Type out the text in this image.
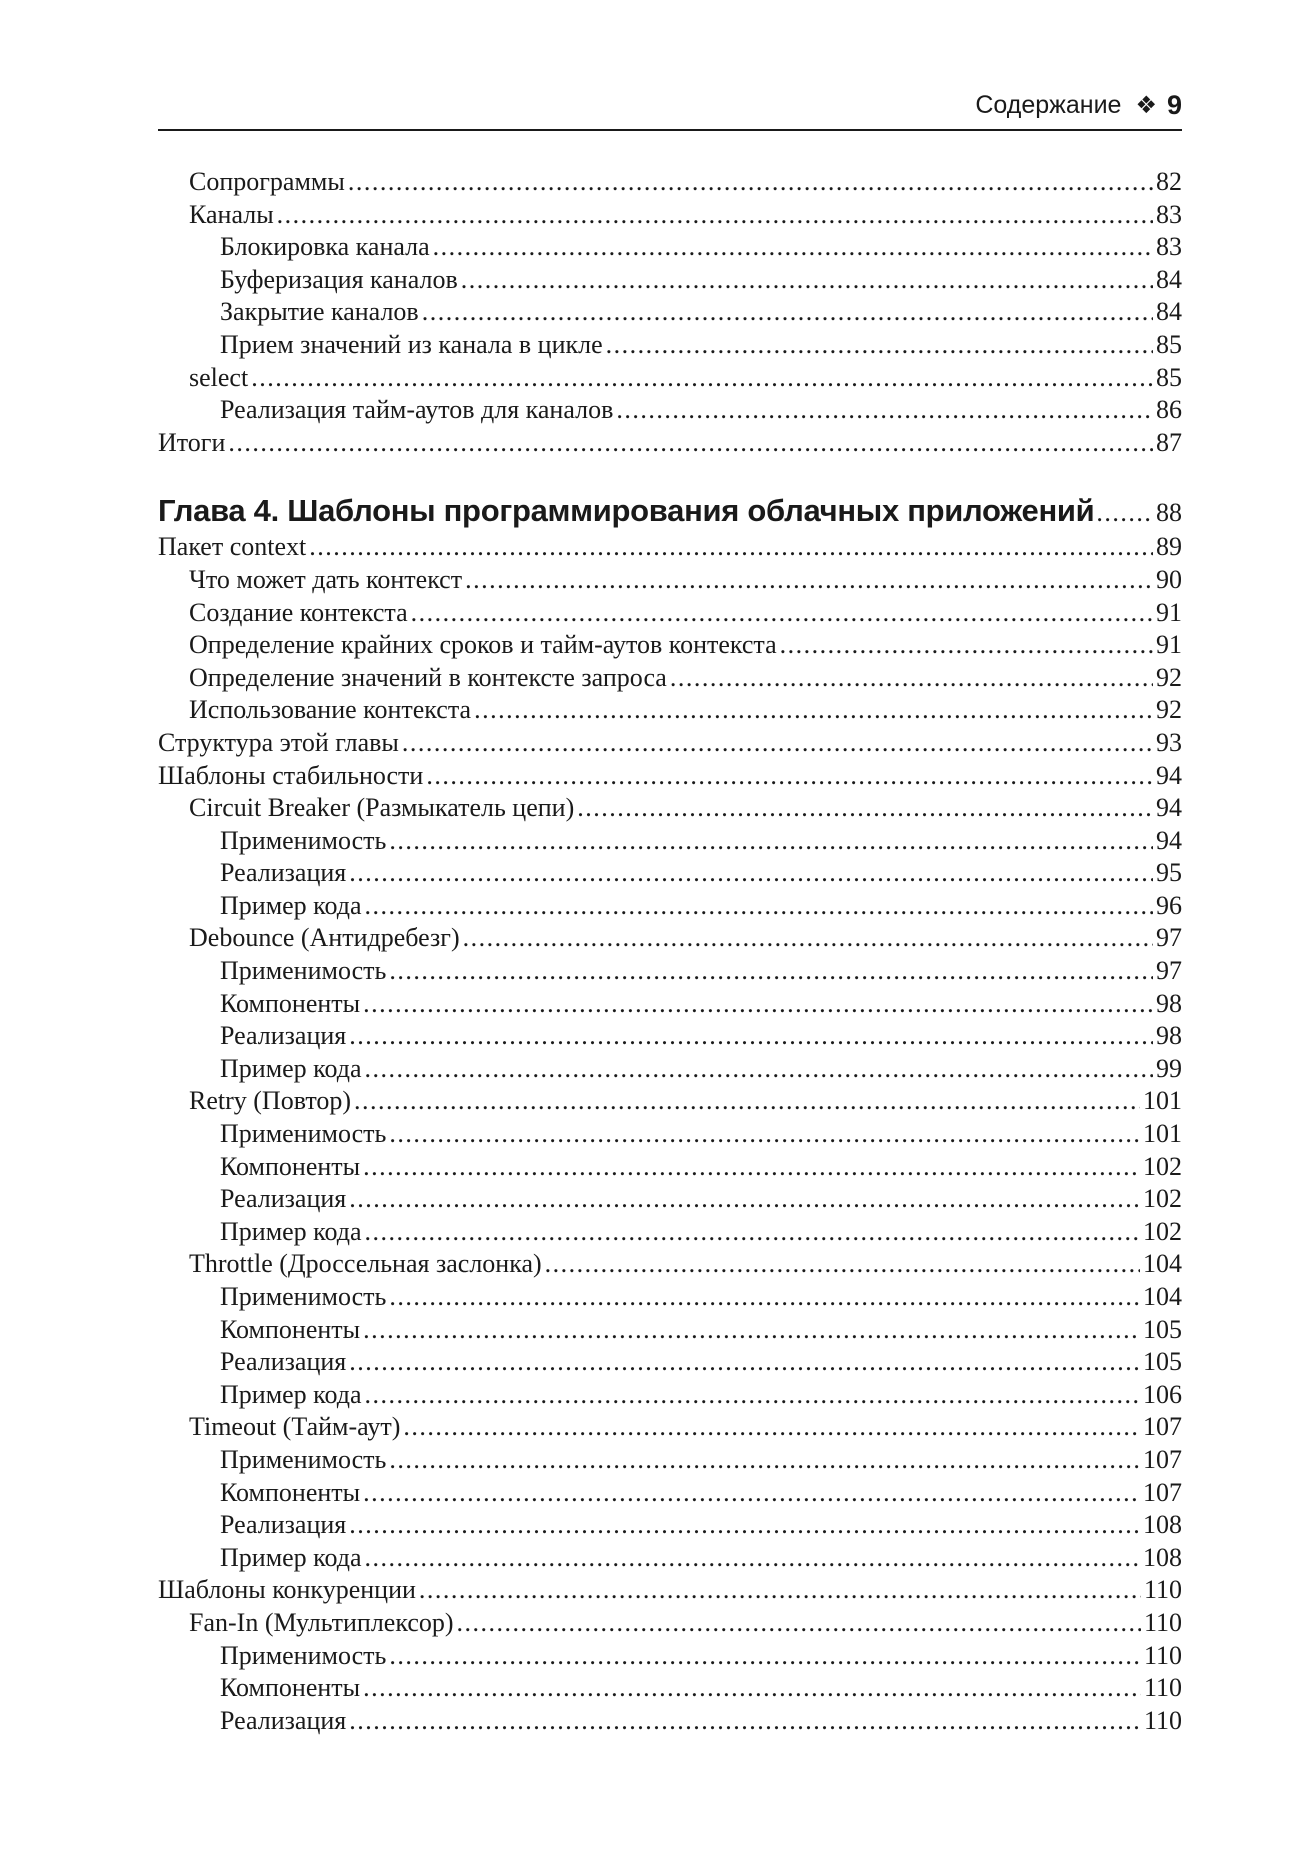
Содержание ❖ 9
Сопрограммы .....	82
Каналы .....	83
Блокировка канала .....	83
Буферизация каналов .....	84
Закрытие каналов .....	84
Прием значений из канала в цикле .....	85
select .....	85
Реализация тайм-аутов для каналов .....	86
Итоги .....	87
Глава 4. Шаблоны программирования облачных приложений ..... 88
Пакет context .....	89
Что может дать контекст .....	90
Создание контекста .....	91
Определение крайних сроков и тайм-аутов контекста .....	91
Определение значений в контексте запроса .....	92
Использование контекста .....	92
Структура этой главы .....	93
Шаблоны стабильности .....	94
Circuit Breaker (Размыкатель цепи) .....	94
Применимость .....	94
Реализация .....	95
Пример кода .....	96
Debounce (Антидребезг) .....	97
Применимость .....	97
Компоненты .....	98
Реализация .....	98
Пример кода .....	99
Retry (Повтор) .....	101
Применимость .....	101
Компоненты .....	102
Реализация .....	102
Пример кода .....	102
Throttle (Дроссельная заслонка) .....	104
Применимость .....	104
Компоненты .....	105
Реализация .....	105
Пример кода .....	106
Timeout (Тайм-аут) .....	107
Применимость .....	107
Компоненты .....	107
Реализация .....	108
Пример кода .....	108
Шаблоны конкуренции .....	110
Fan-In (Мультиплексор) .....	110
Применимость .....	110
Компоненты .....	110
Реализация .....	110
